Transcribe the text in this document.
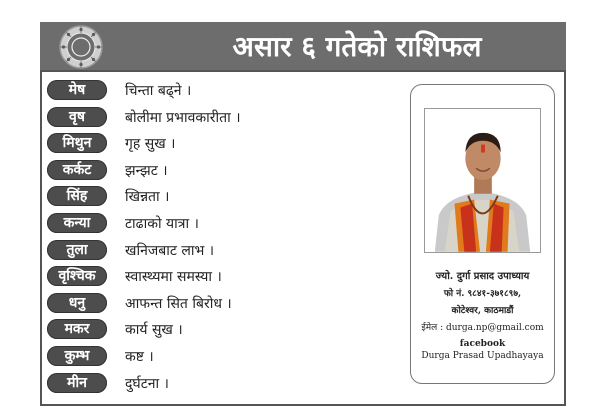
असार ६ गतेको राशिफल
मेष	चिन्ता बढ्ने ।
वृष	बोलीमा प्रभावकारीता ।
मिथुन	गृह सुख ।
कर्कट	झन्झट ।
सिंह	खिन्नता ।
कन्या	टाढाको यात्रा ।
तुला	खनिजबाट लाभ ।
वृश्चिक	स्वास्थ्यमा समस्या ।
धनु	आफन्त सित बिरोध ।
मकर	कार्य सुख ।
कुम्भ	कष्ट ।
मीन	दुर्घटना ।
ज्यो. दुर्गा प्रसाद उपाध्याय
फो नं. ९८४१-३७१८९७,
कोटेश्वर, काठमाडौं
ईमेल : durga.np@gmail.com
facebook
Durga Prasad Upadhayaya
